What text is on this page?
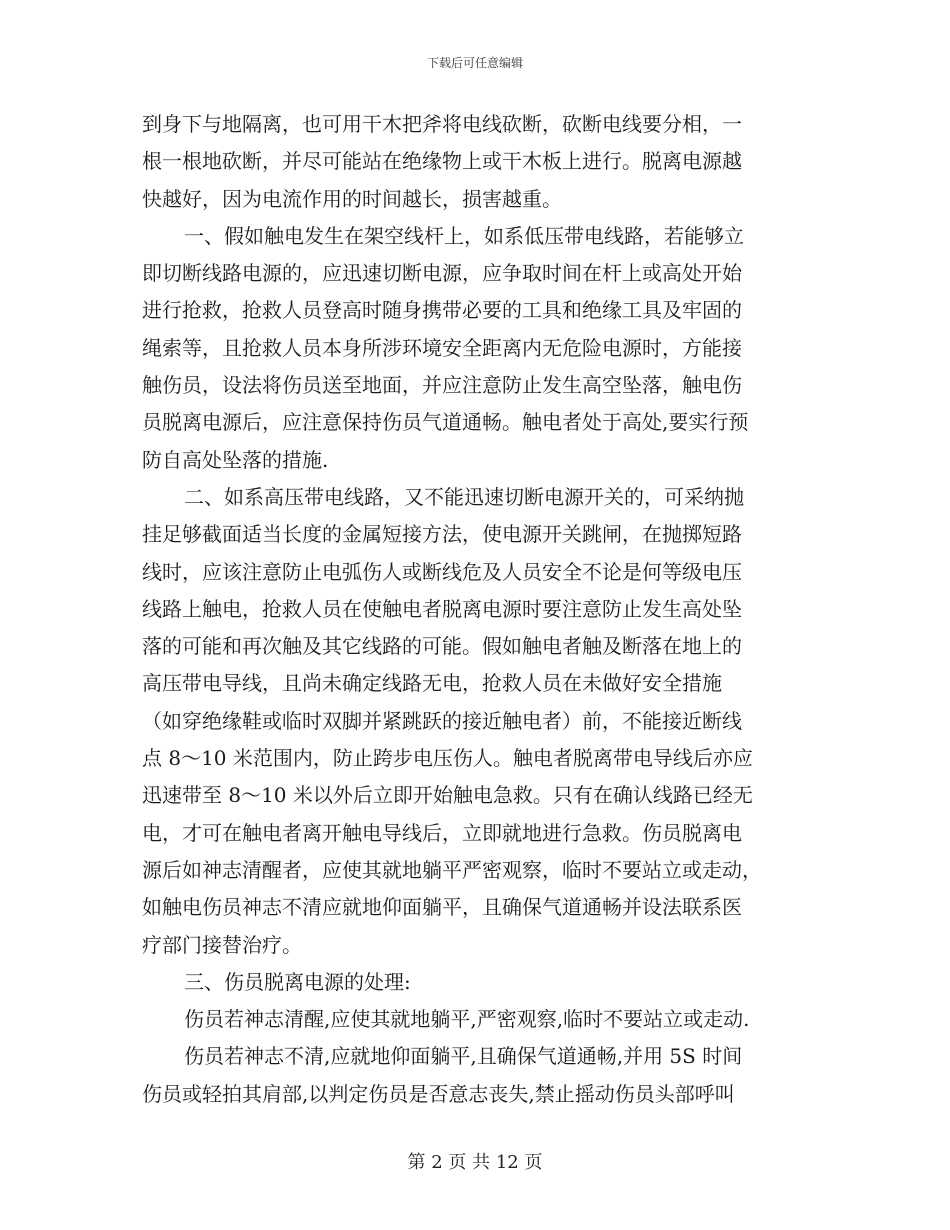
下载后可任意编辑
到身下与地隔离，也可用干木把斧将电线砍断，砍断电线要分相，一
根一根地砍断，并尽可能站在绝缘物上或干木板上进行。脱离电源越
快越好，因为电流作用的时间越长，损害越重。
一、假如触电发生在架空线杆上，如系低压带电线路，若能够立
即切断线路电源的，应迅速切断电源，应争取时间在杆上或高处开始
进行抢救，抢救人员登高时随身携带必要的工具和绝缘工具及牢固的
绳索等，且抢救人员本身所涉环境安全距离内无危险电源时，方能接
触伤员，设法将伤员送至地面，并应注意防止发生高空坠落，触电伤
员脱离电源后，应注意保持伤员气道通畅。触电者处于高处,要实行预
防自高处坠落的措施.
二、如系高压带电线路，又不能迅速切断电源开关的，可采纳抛
挂足够截面适当长度的金属短接方法，使电源开关跳闸，在抛掷短路
线时，应该注意防止电弧伤人或断线危及人员安全不论是何等级电压
线路上触电，抢救人员在使触电者脱离电源时要注意防止发生高处坠
落的可能和再次触及其它线路的可能。假如触电者触及断落在地上的
高压带电导线，且尚未确定线路无电，抢救人员在未做好安全措施
（如穿绝缘鞋或临时双脚并紧跳跃的接近触电者）前，不能接近断线
点 8～10 米范围内，防止跨步电压伤人。触电者脱离带电导线后亦应
迅速带至 8～10 米以外后立即开始触电急救。只有在确认线路已经无
电，才可在触电者离开触电导线后，立即就地进行急救。伤员脱离电
源后如神志清醒者，应使其就地躺平严密观察，临时不要站立或走动，
如触电伤员神志不清应就地仰面躺平，且确保气道通畅并设法联系医
疗部门接替治疗。
三、伤员脱离电源的处理:
伤员若神志清醒,应使其就地躺平,严密观察,临时不要站立或走动.
伤员若神志不清,应就地仰面躺平,且确保气道通畅,并用 5S 时间
伤员或轻拍其肩部,以判定伤员是否意志丧失,禁止摇动伤员头部呼叫
第 2 页 共 12 页
